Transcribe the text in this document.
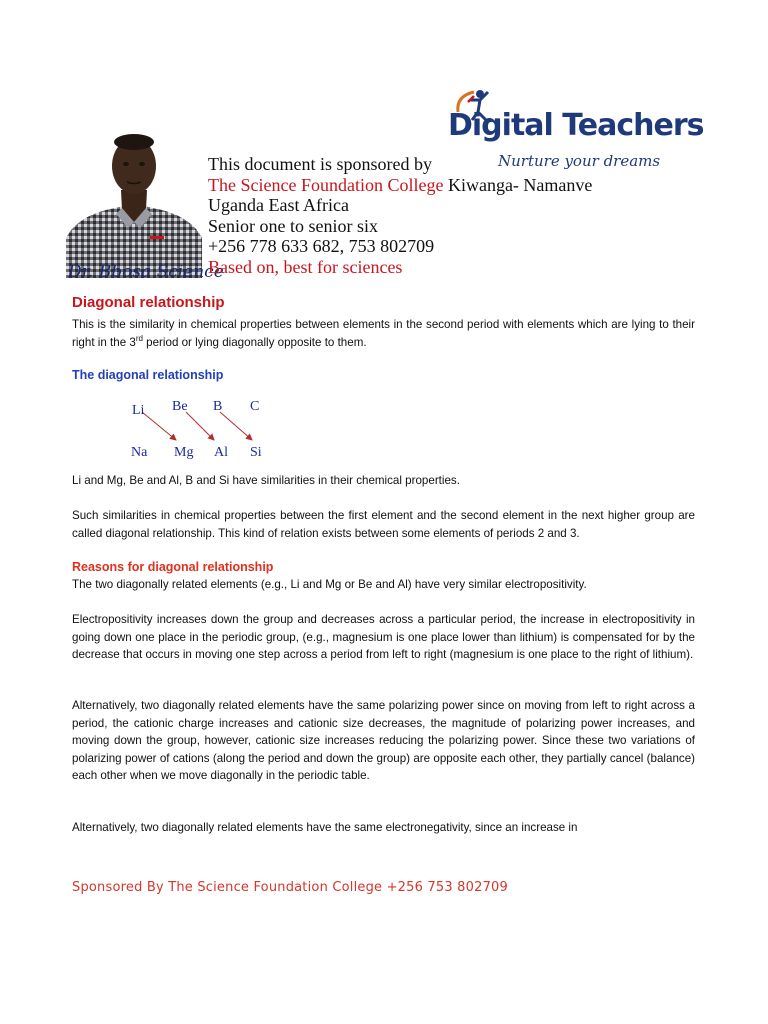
Dr. Bbosa Science
Digital Teachers
Nurture your dreams
This document is sponsored by
The Science Foundation College Kiwanga- Namanve
Uganda East Africa
Senior one to senior six
+256 778 633 682, 753 802709
Based on, best for sciences
Diagonal relationship
This is the similarity in chemical properties between elements in the second period with elements which are lying to their right in the 3rd period or lying diagonally opposite to them.
The diagonal relationship
Li Be B C
Na Mg Al Si
Li and Mg, Be and Al, B and Si have similarities in their chemical properties.
Such similarities in chemical properties between the first element and the second element in the next higher group are called diagonal relationship. This kind of relation exists between some elements of periods 2 and 3.
Reasons for diagonal relationship
The two diagonally related elements (e.g., Li and Mg or Be and Al) have very similar electropositivity.
Electropositivity increases down the group and decreases across a particular period, the increase in electropositivity in going down one place in the periodic group, (e.g., magnesium is one place lower than lithium) is compensated for by the decrease that occurs in moving one step across a period from left to right (magnesium is one place to the right of lithium).
Alternatively, two diagonally related elements have the same polarizing power since on moving from left to right across a period, the cationic charge increases and cationic size decreases, the magnitude of polarizing power increases, and moving down the group, however, cationic size increases reducing the polarizing power. Since these two variations of polarizing power of cations (along the period and down the group) are opposite each other, they partially cancel (balance) each other when we move diagonally in the periodic table.
Alternatively, two diagonally related elements have the same electronegativity, since an increase in
Sponsored By The Science Foundation College +256 753 802709
